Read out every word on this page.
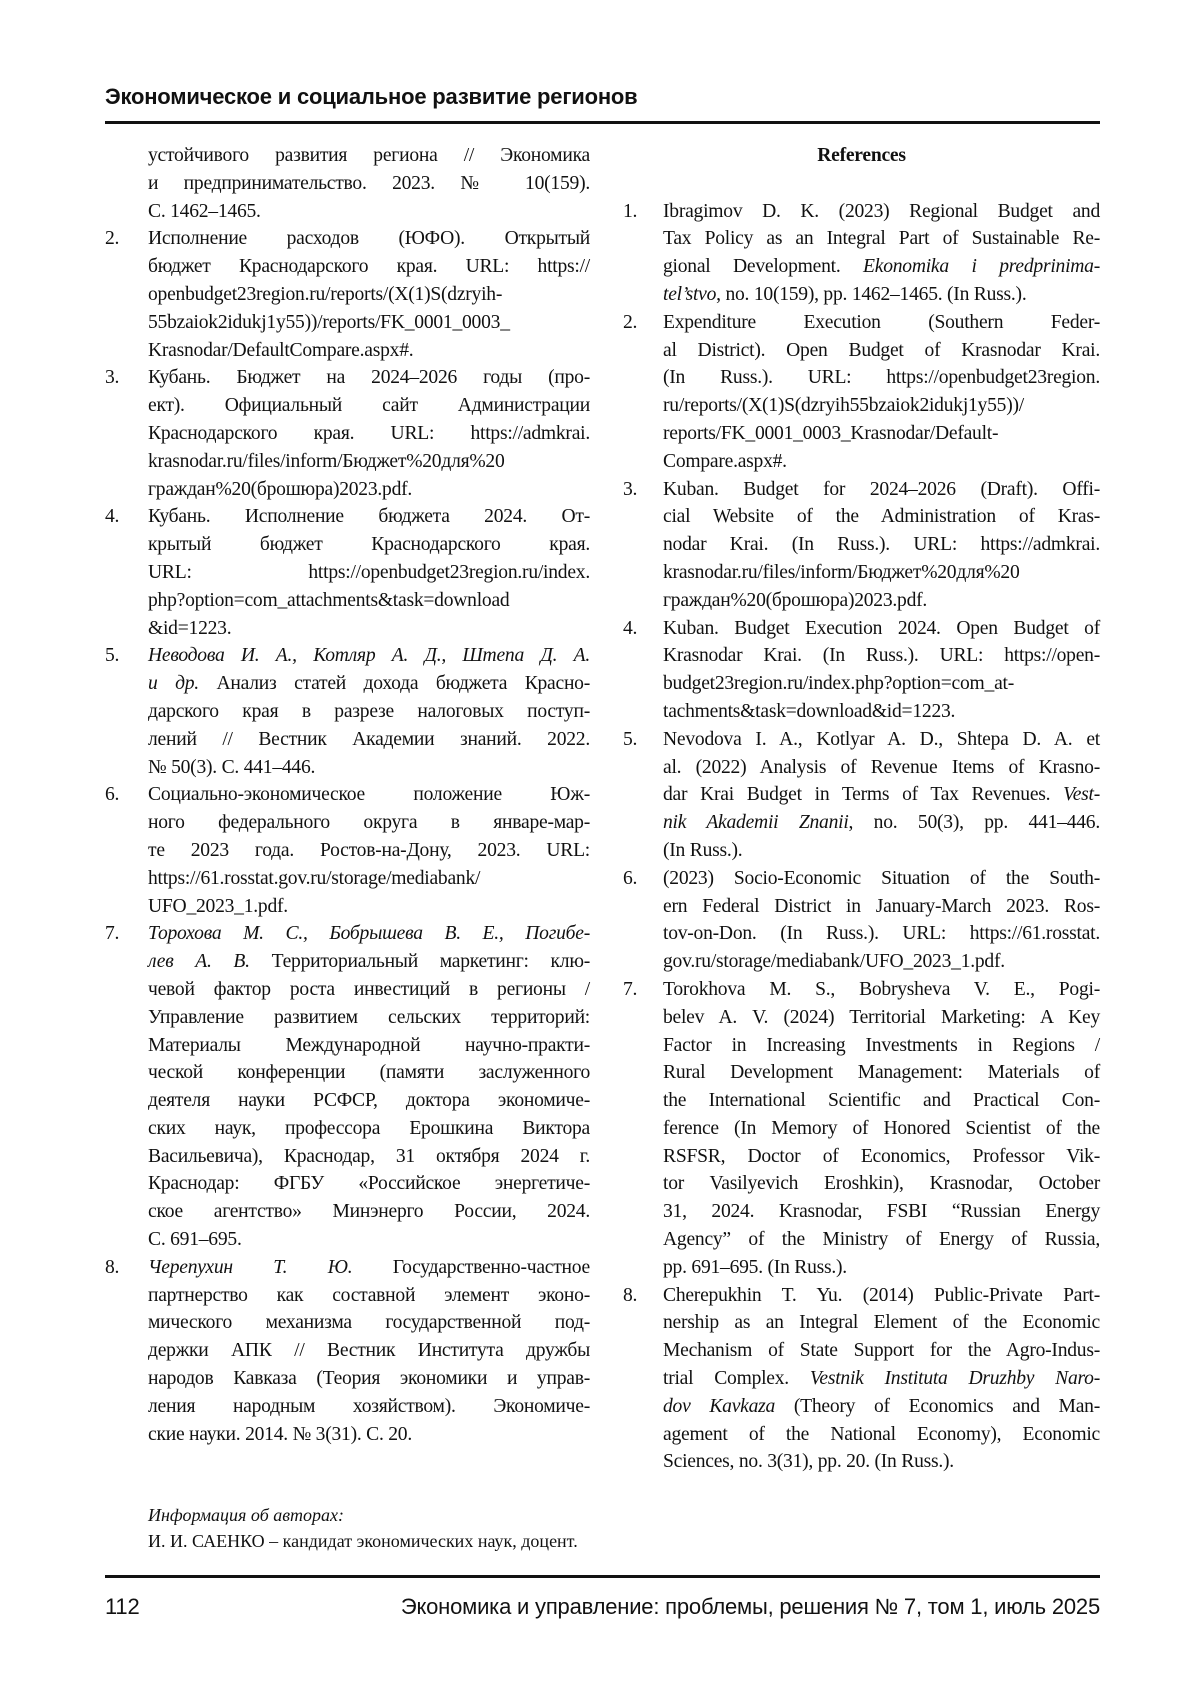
Экономическое и социальное развитие регионов
устойчивого развития региона // Экономика
и предпринимательство. 2023. № 10(159).
С. 1462–1465.
2. Исполнение расходов (ЮФО). Открытый
бюджет Краснодарского края. URL: https://
openbudget23region.ru/reports/(X(1)S(dzryih-
55bzaiok2idukj1y55))/reports/FK_0001_0003_
Krasnodar/DefaultCompare.aspx#.
3. Кубань. Бюджет на 2024–2026 годы (про-
ект). Официальный сайт Администрации
Краснодарского края. URL: https://admkrai.
krasnodar.ru/files/inform/Бюджет%20для%20
граждан%20(брошюра)2023.pdf.
4. Кубань. Исполнение бюджета 2024. От-
крытый бюджет Краснодарского края.
URL: https://openbudget23region.ru/index.
php?option=com_attachments&task=download
&id=1223.
5. Неводова И. А., Котляр А. Д., Штепа Д. А.
и др. Анализ статей дохода бюджета Красно-
дарского края в разрезе налоговых поступ-
лений // Вестник Академии знаний. 2022.
№ 50(3). С. 441–446.
6. Социально-экономическое положение Юж-
ного федерального округа в январе-мар-
те 2023 года. Ростов-на-Дону, 2023. URL:
https://61.rosstat.gov.ru/storage/mediabank/
UFO_2023_1.pdf.
7. Торохова М. С., Бобрышева В. Е., Погибе-
лев А. В. Территориальный маркетинг: клю-
чевой фактор роста инвестиций в регионы /
Управление развитием сельских территорий:
Материалы Международной научно-практи-
ческой конференции (памяти заслуженного
деятеля науки РСФСР, доктора экономиче-
ских наук, профессора Ерошкина Виктора
Васильевича), Краснодар, 31 октября 2024 г.
Краснодар: ФГБУ «Российское энергетиче-
ское агентство» Минэнерго России, 2024.
С. 691–695.
8. Черепухин Т. Ю. Государственно-частное
партнерство как составной элемент эконо-
мического механизма государственной под-
держки АПК // Вестник Института дружбы
народов Кавказа (Теория экономики и управ-
ления народным хозяйством). Экономиче-
ские науки. 2014. № 3(31). С. 20.
References
1. Ibragimov D. K. (2023) Regional Budget and
Tax Policy as an Integral Part of Sustainable Re-
gional Development. Ekonomika i predprinima-
tel’stvo, no. 10(159), pp. 1462–1465. (In Russ.).
2. Expenditure Execution (Southern Feder-
al District). Open Budget of Krasnodar Krai.
(In Russ.). URL: https://openbudget23region.
ru/reports/(X(1)S(dzryih55bzaiok2idukj1y55))/
reports/FK_0001_0003_Krasnodar/Default-
Compare.aspx#.
3. Kuban. Budget for 2024–2026 (Draft). Offi-
cial Website of the Administration of Kras-
nodar Krai. (In Russ.). URL: https://admkrai.
krasnodar.ru/files/inform/Бюджет%20для%20
граждан%20(брошюра)2023.pdf.
4. Kuban. Budget Execution 2024. Open Budget of
Krasnodar Krai. (In Russ.). URL: https://open-
budget23region.ru/index.php?option=com_at-
tachments&task=download&id=1223.
5. Nevodova I. A., Kotlyar A. D., Shtepa D. A. et
al. (2022) Analysis of Revenue Items of Krasno-
dar Krai Budget in Terms of Tax Revenues. Vest-
nik Akademii Znanii, no. 50(3), pp. 441–446.
(In Russ.).
6. (2023) Socio-Economic Situation of the South-
ern Federal District in January-March 2023. Ros-
tov-on-Don. (In Russ.). URL: https://61.rosstat.
gov.ru/storage/mediabank/UFO_2023_1.pdf.
7. Torokhova M. S., Bobrysheva V. E., Pogi-
belev A. V. (2024) Territorial Marketing: A Key
Factor in Increasing Investments in Regions /
Rural Development Management: Materials of
the International Scientific and Practical Con-
ference (In Memory of Honored Scientist of the
RSFSR, Doctor of Economics, Professor Vik-
tor Vasilyevich Eroshkin), Krasnodar, October
31, 2024. Krasnodar, FSBI “Russian Energy
Agency” of the Ministry of Energy of Russia,
pp. 691–695. (In Russ.).
8. Cherepukhin T. Yu. (2014) Public-Private Part-
nership as an Integral Element of the Economic
Mechanism of State Support for the Agro-Indus-
trial Complex. Vestnik Instituta Druzhby Naro-
dov Kavkaza (Theory of Economics and Man-
agement of the National Economy), Economic
Sciences, no. 3(31), pp. 20. (In Russ.).
Информация об авторах:
И. И. САЕНКО – кандидат экономических наук, доцент.
112	Экономика и управление: проблемы, решения № 7, том 1, июль 2025
